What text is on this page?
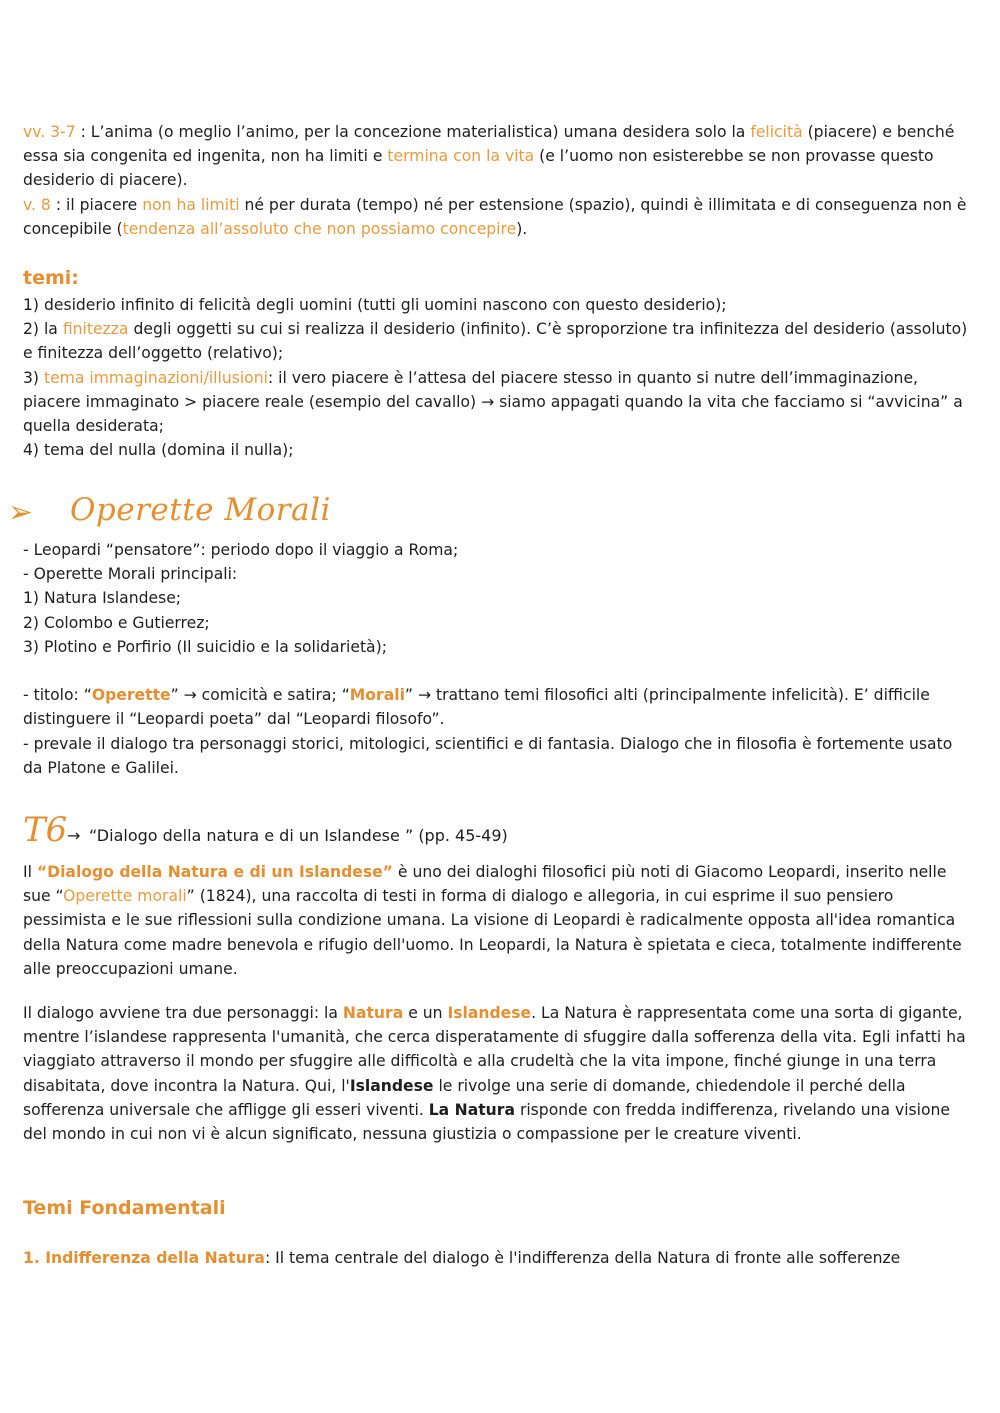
vv. 3-7 : L’anima (o meglio l’animo, per la concezione materialistica) umana desidera solo la felicità (piacere) e benché essa sia congenita ed ingenita, non ha limiti e termina con la vita (e l’uomo non esisterebbe se non provasse questo desiderio di piacere).

v. 8 : il piacere non ha limiti né per durata (tempo) né per estensione (spazio), quindi è illimitata e di conseguenza non è concepibile (tendenza all’assoluto che non possiamo concepire).

temi:

1) desiderio infinito di felicità degli uomini (tutti gli uomini nascono con questo desiderio);

2) la finitezza degli oggetti su cui si realizza il desiderio (infinito). C’è sproporzione tra infinitezza del desiderio (assoluto) e finitezza dell’oggetto (relativo);

3) tema immaginazioni/illusioni: il vero piacere è l’attesa del piacere stesso in quanto si nutre dell’immaginazione, piacere immaginato > piacere reale (esempio del cavallo) → siamo appagati quando la vita che facciamo si “avvicina” a quella desiderata;

4) tema del nulla (domina il nulla);

➢ Operette Morali

- Leopardi “pensatore”: periodo dopo il viaggio a Roma;

- Operette Morali principali:

1) Natura Islandese;

2) Colombo e Gutierrez;

3) Plotino e Porfirio (Il suicidio e la solidarietà);

- titolo: “Operette” → comicità e satira; “Morali” → trattano temi filosofici alti (principalmente infelicità). E’ difficile distinguere il “Leopardi poeta” dal “Leopardi filosofo”.

- prevale il dialogo tra personaggi storici, mitologici, scientifici e di fantasia. Dialogo che in filosofia è fortemente usato da Platone e Galilei.

T6 → “Dialogo della natura e di un Islandese ” (pp. 45-49)

Il “Dialogo della Natura e di un Islandese” è uno dei dialoghi filosofici più noti di Giacomo Leopardi, inserito nelle sue “Operette morali” (1824), una raccolta di testi in forma di dialogo e allegoria, in cui esprime il suo pensiero pessimista e le sue riflessioni sulla condizione umana. La visione di Leopardi è radicalmente opposta all'idea romantica della Natura come madre benevola e rifugio dell'uomo. In Leopardi, la Natura è spietata e cieca, totalmente indifferente alle preoccupazioni umane.

Il dialogo avviene tra due personaggi: la Natura e un Islandese. La Natura è rappresentata come una sorta di gigante, mentre l’islandese rappresenta l'umanità, che cerca disperatamente di sfuggire dalla sofferenza della vita. Egli infatti ha viaggiato attraverso il mondo per sfuggire alle difficoltà e alla crudeltà che la vita impone, finché giunge in una terra disabitata, dove incontra la Natura. Qui, l'Islandese le rivolge una serie di domande, chiedendole il perché della sofferenza universale che affligge gli esseri viventi. La Natura risponde con fredda indifferenza, rivelando una visione del mondo in cui non vi è alcun significato, nessuna giustizia o compassione per le creature viventi.

Temi Fondamentali

1. Indifferenza della Natura: Il tema centrale del dialogo è l'indifferenza della Natura di fronte alle sofferenze
